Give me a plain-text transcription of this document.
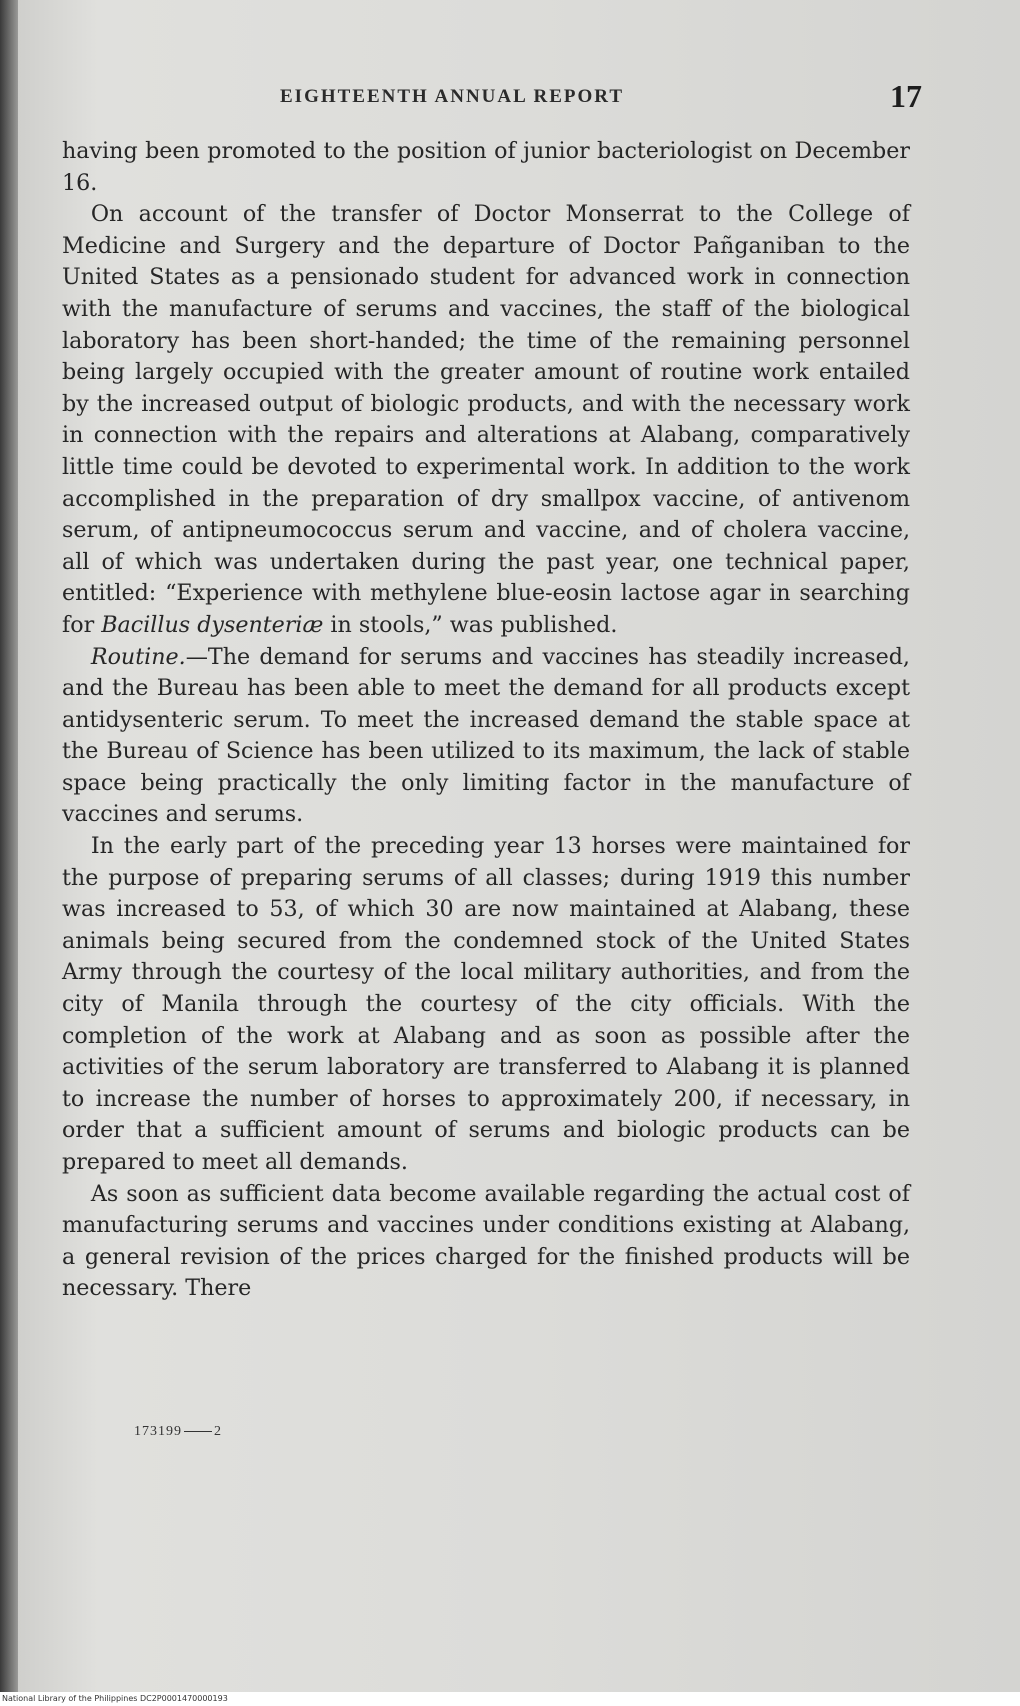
EIGHTEENTH ANNUAL REPORT	17

having been promoted to the position of junior bacteriologist on December 16.

On account of the transfer of Doctor Monserrat to the College of Medicine and Surgery and the departure of Doctor Pañganiban to the United States as a pensionado student for advanced work in connection with the manufacture of serums and vaccines, the staff of the biological laboratory has been short-handed; the time of the remaining personnel being largely occupied with the greater amount of routine work entailed by the increased output of biologic products, and with the necessary work in connection with the repairs and alterations at Alabang, comparatively little time could be devoted to experimental work. In addition to the work accomplished in the preparation of dry smallpox vaccine, of antivenom serum, of antipneumococcus serum and vaccine, and of cholera vaccine, all of which was undertaken during the past year, one technical paper, entitled: “Experience with methylene blue-eosin lactose agar in searching for Bacillus dysenteriæ in stools,” was published.

Routine.—The demand for serums and vaccines has steadily increased, and the Bureau has been able to meet the demand for all products except antidysenteric serum. To meet the increased demand the stable space at the Bureau of Science has been utilized to its maximum, the lack of stable space being practically the only limiting factor in the manufacture of vaccines and serums.

In the early part of the preceding year 13 horses were maintained for the purpose of preparing serums of all classes; during 1919 this number was increased to 53, of which 30 are now maintained at Alabang, these animals being secured from the condemned stock of the United States Army through the courtesy of the local military authorities, and from the city of Manila through the courtesy of the city officials. With the completion of the work at Alabang and as soon as possible after the activities of the serum laboratory are transferred to Alabang it is planned to increase the number of horses to approximately 200, if necessary, in order that a sufficient amount of serums and biologic products can be prepared to meet all demands.

As soon as sufficient data become available regarding the actual cost of manufacturing serums and vaccines under conditions existing at Alabang, a general revision of the prices charged for the finished products will be necessary. There

173199 2
National Library of the Philippines DC2P0001470000193
